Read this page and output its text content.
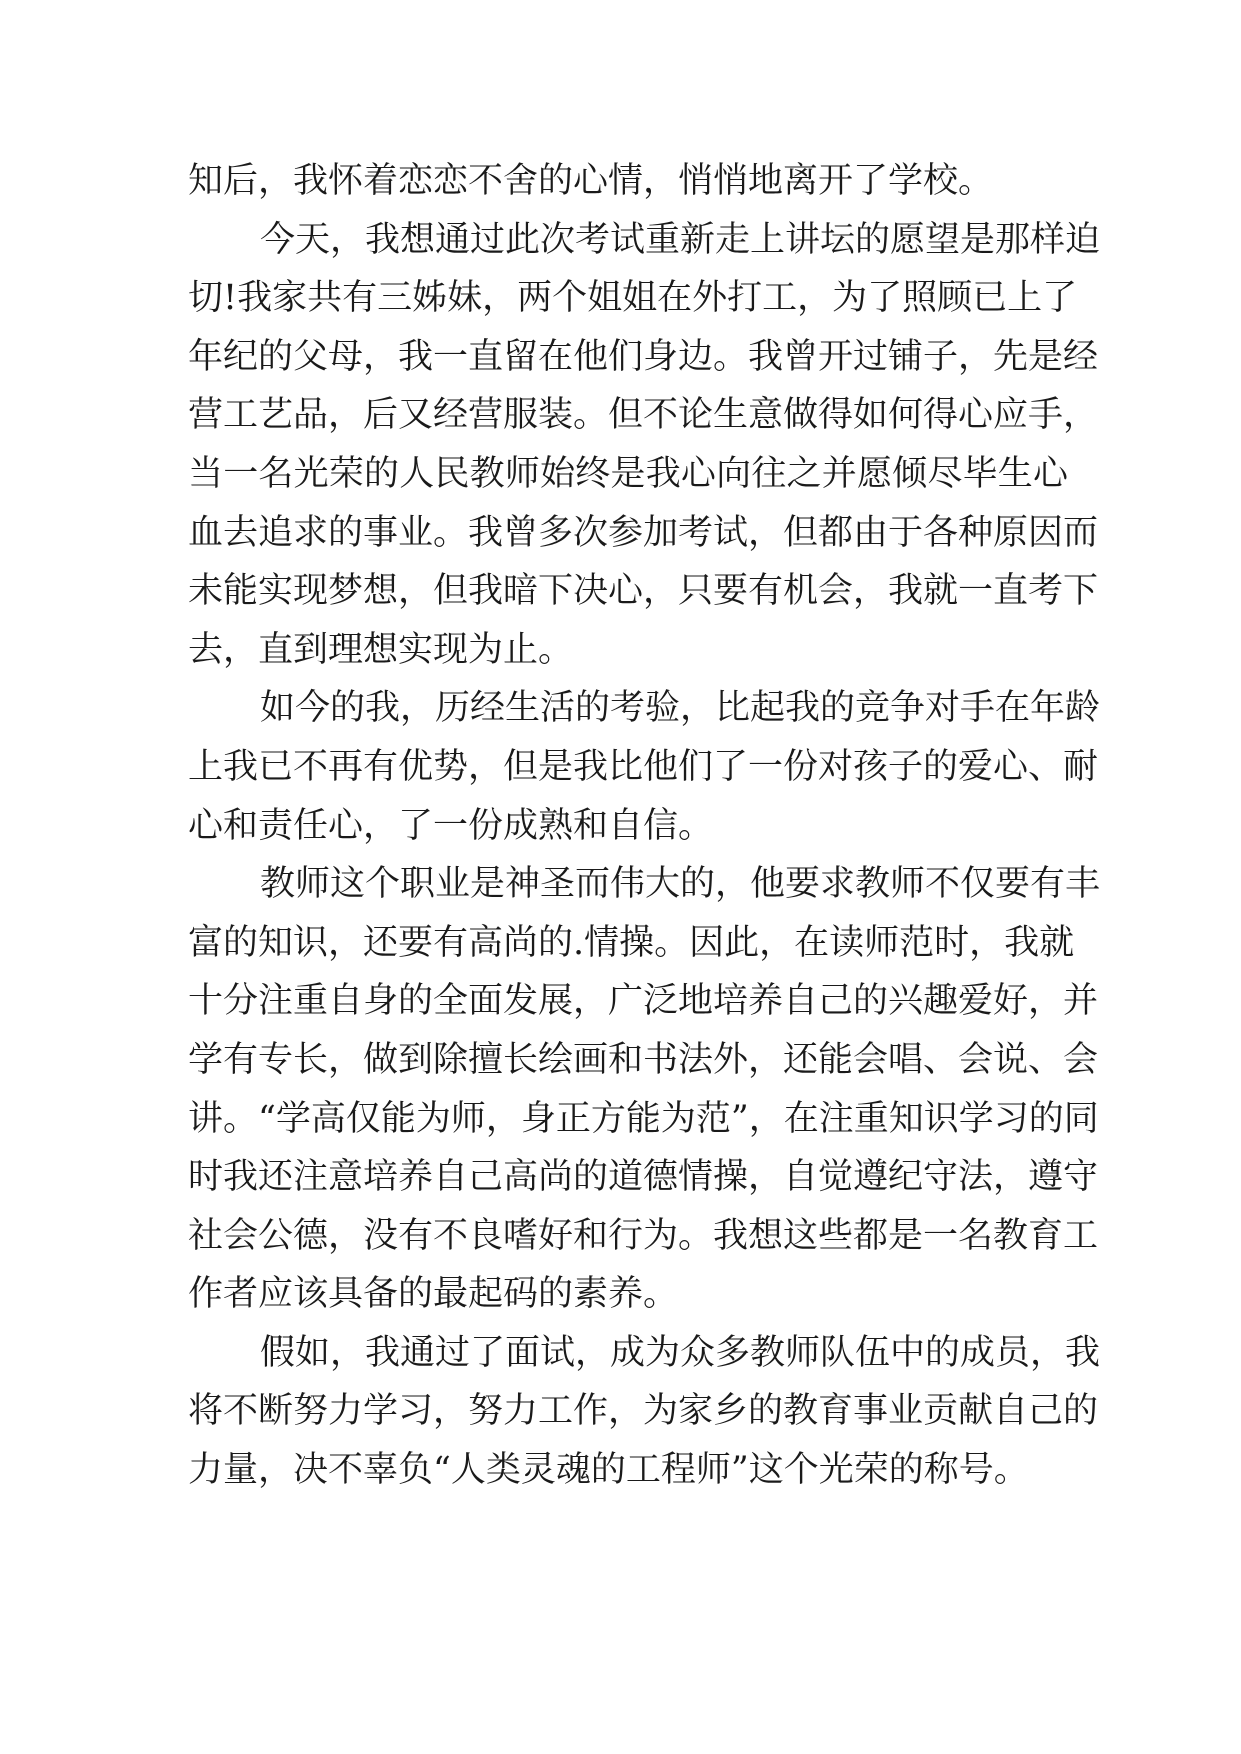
知后，我怀着恋恋不舍的心情，悄悄地离开了学校。
今天，我想通过此次考试重新走上讲坛的愿望是那样迫
切!我家共有三姊妹，两个姐姐在外打工，为了照顾已上了
年纪的父母，我一直留在他们身边。我曾开过铺子，先是经
营工艺品，后又经营服装。但不论生意做得如何得心应手，
当一名光荣的人民教师始终是我心向往之并愿倾尽毕生心
血去追求的事业。我曾多次参加考试，但都由于各种原因而
未能实现梦想，但我暗下决心，只要有机会，我就一直考下
去，直到理想实现为止。
如今的我，历经生活的考验，比起我的竞争对手在年龄
上我已不再有优势，但是我比他们了一份对孩子的爱心、耐
心和责任心，了一份成熟和自信。
教师这个职业是神圣而伟大的，他要求教师不仅要有丰
富的知识，还要有高尚的.情操。因此，在读师范时，我就
十分注重自身的全面发展，广泛地培养自己的兴趣爱好，并
学有专长，做到除擅长绘画和书法外，还能会唱、会说、会
讲。“学高仅能为师，身正方能为范”，在注重知识学习的同
时我还注意培养自己高尚的道德情操，自觉遵纪守法，遵守
社会公德，没有不良嗜好和行为。我想这些都是一名教育工
作者应该具备的最起码的素养。
假如，我通过了面试，成为众多教师队伍中的成员，我
将不断努力学习，努力工作，为家乡的教育事业贡献自己的
力量，决不辜负“人类灵魂的工程师”这个光荣的称号。
